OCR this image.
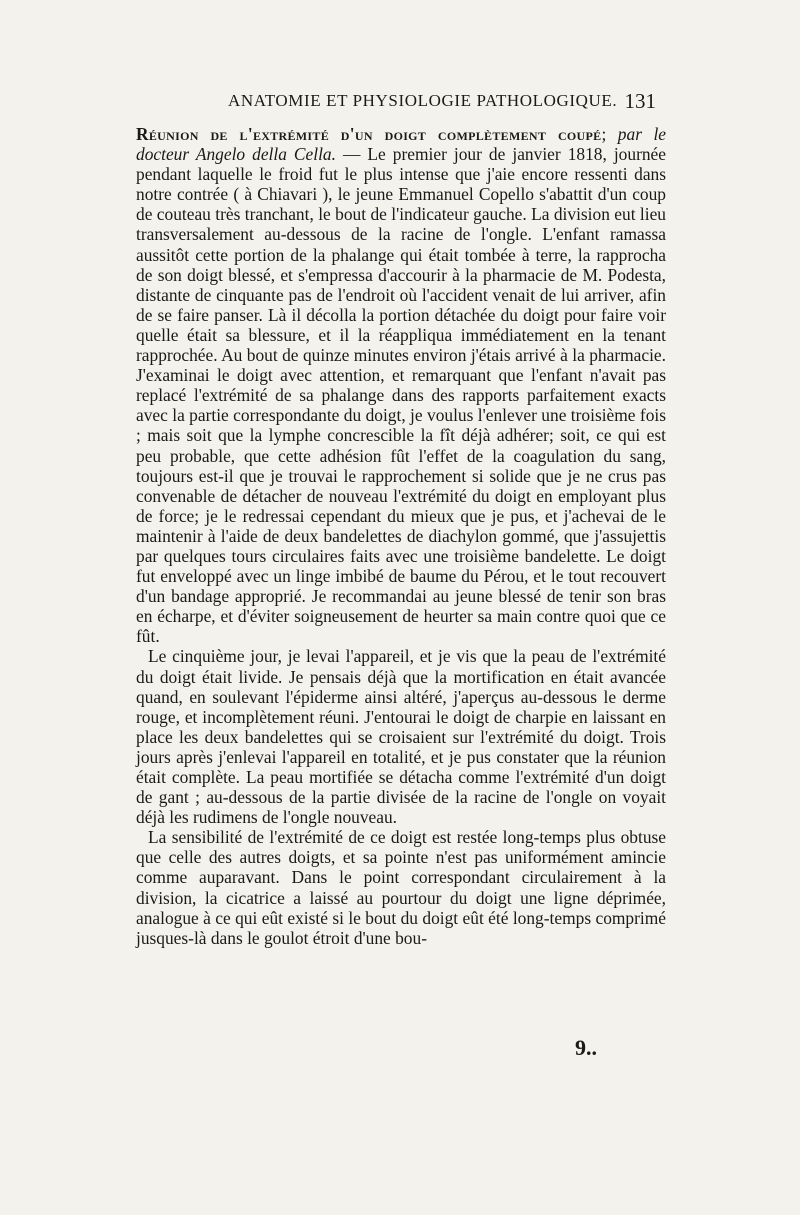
ANATOMIE ET PHYSIOLOGIE PATHOLOGIQUE. 131

Réunion de l'extrémité d'un doigt complètement coupé; par le docteur Angelo della Cella. — Le premier jour de janvier 1818, journée pendant laquelle le froid fut le plus intense que j'aie encore ressenti dans notre contrée ( à Chiavari ), le jeune Emmanuel Copello s'abattit d'un coup de couteau très tranchant, le bout de l'indicateur gauche. La division eut lieu transversalement au-dessous de la racine de l'ongle. L'enfant ramassa aussitôt cette portion de la phalange qui était tombée à terre, la rapprocha de son doigt blessé, et s'empressa d'accourir à la pharmacie de M. Podesta, distante de cinquante pas de l'endroit où l'accident venait de lui arriver, afin de se faire panser. Là il décolla la portion détachée du doigt pour faire voir quelle était sa blessure, et il la réappliqua immédiatement en la tenant rapprochée. Au bout de quinze minutes environ j'étais arrivé à la pharmacie. J'examinai le doigt avec attention, et remarquant que l'enfant n'avait pas replacé l'extrémité de sa phalange dans des rapports parfaitement exacts avec la partie correspondante du doigt, je voulus l'enlever une troisième fois ; mais soit que la lymphe concrescible la fît déjà adhérer; soit, ce qui est peu probable, que cette adhésion fût l'effet de la coagulation du sang, toujours est-il que je trouvai le rapprochement si solide que je ne crus pas convenable de détacher de nouveau l'extrémité du doigt en employant plus de force; je le redressai cependant du mieux que je pus, et j'achevai de le maintenir à l'aide de deux bandelettes de diachylon gommé, que j'assujettis par quelques tours circulaires faits avec une troisième bandelette. Le doigt fut enveloppé avec un linge imbibé de baume du Pérou, et le tout recouvert d'un bandage approprié. Je recommandai au jeune blessé de tenir son bras en écharpe, et d'éviter soigneusement de heurter sa main contre quoi que ce fût.

Le cinquième jour, je levai l'appareil, et je vis que la peau de l'extrémité du doigt était livide. Je pensais déjà que la mortification en était avancée quand, en soulevant l'épiderme ainsi altéré, j'aperçus au-dessous le derme rouge, et incomplètement réuni. J'entourai le doigt de charpie en laissant en place les deux bandelettes qui se croisaient sur l'extrémité du doigt. Trois jours après j'enlevai l'appareil en totalité, et je pus constater que la réunion était complète. La peau mortifiée se détacha comme l'extrémité d'un doigt de gant ; au-dessous de la partie divisée de la racine de l'ongle on voyait déjà les rudimens de l'ongle nouveau.

La sensibilité de l'extrémité de ce doigt est restée long-temps plus obtuse que celle des autres doigts, et sa pointe n'est pas uniformément amincie comme auparavant. Dans le point correspondant circulairement à la division, la cicatrice a laissé au pourtour du doigt une ligne déprimée, analogue à ce qui eût existé si le bout du doigt eût été long-temps comprimé jusques-là dans le goulot étroit d'une bou-

9..
